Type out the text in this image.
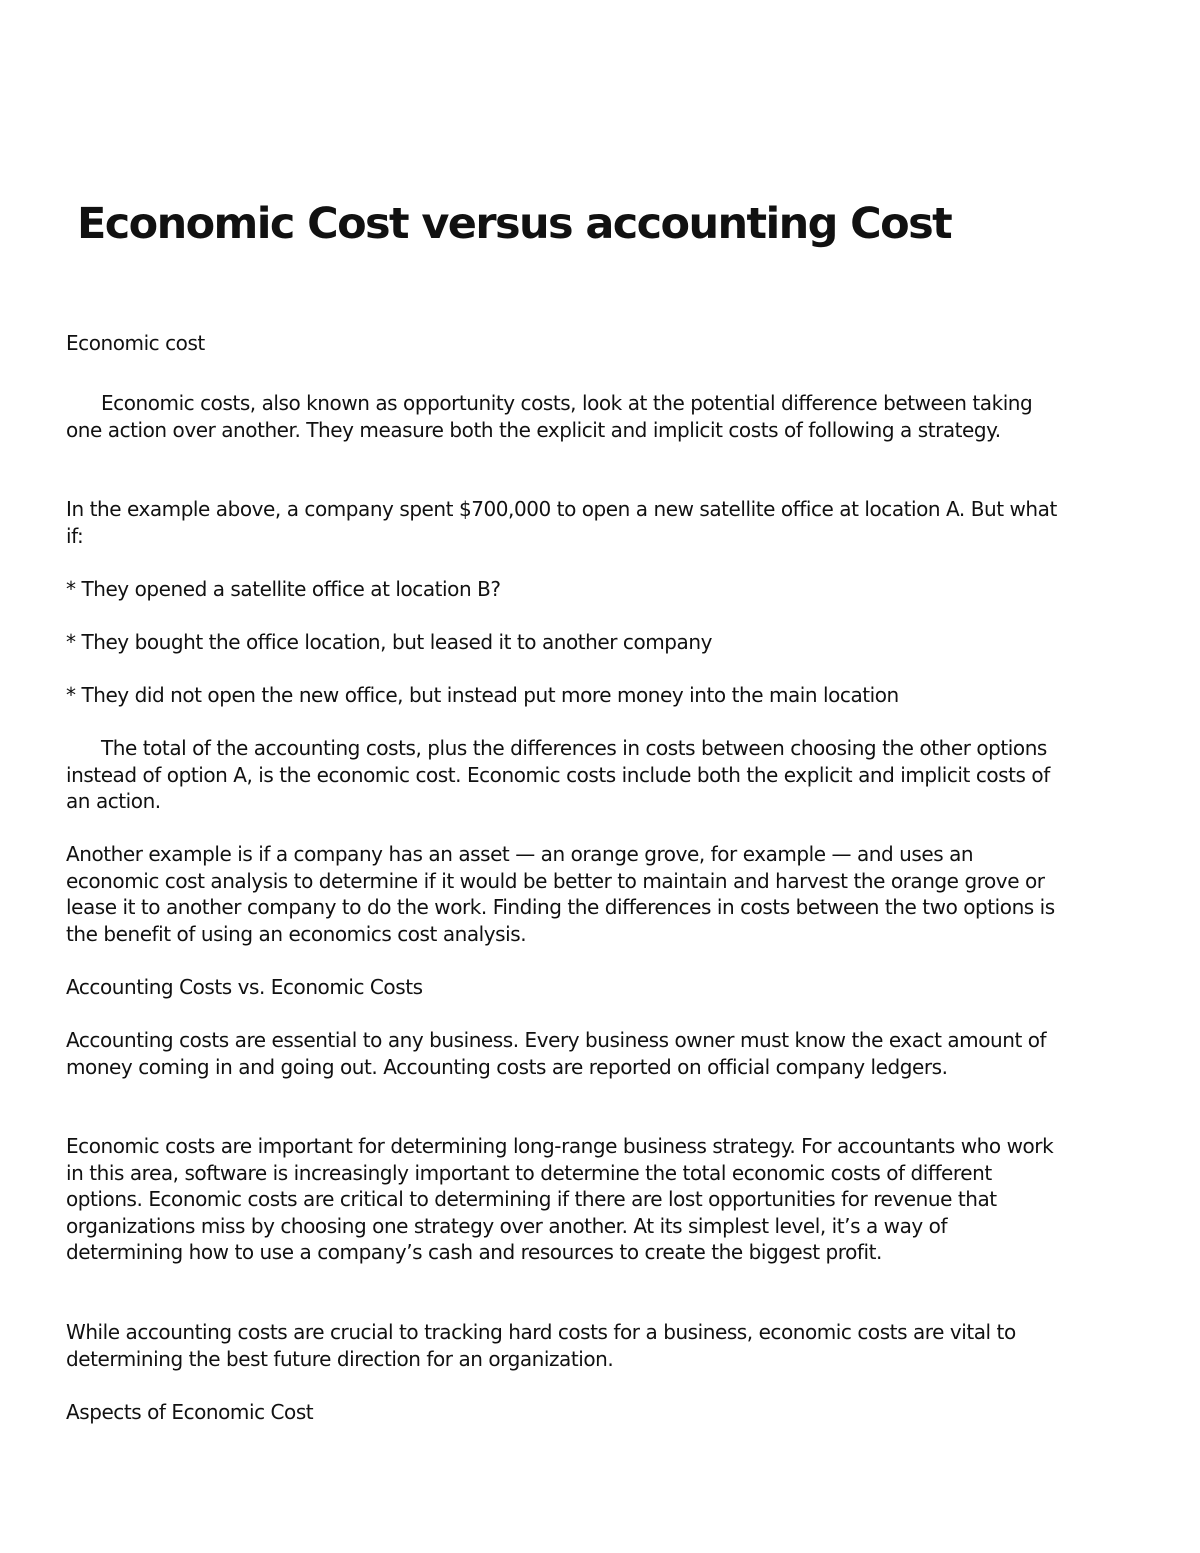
Economic Cost versus accounting Cost

Economic cost

Economic costs, also known as opportunity costs, look at the potential difference between taking one action over another. They measure both the explicit and implicit costs of following a strategy.

In the example above, a company spent $700,000 to open a new satellite office at location A. But what if:

* They opened a satellite office at location B?

* They bought the office location, but leased it to another company

* They did not open the new office, but instead put more money into the main location

The total of the accounting costs, plus the differences in costs between choosing the other options instead of option A, is the economic cost. Economic costs include both the explicit and implicit costs of an action.

Another example is if a company has an asset — an orange grove, for example — and uses an economic cost analysis to determine if it would be better to maintain and harvest the orange grove or lease it to another company to do the work. Finding the differences in costs between the two options is the benefit of using an economics cost analysis.

Accounting Costs vs. Economic Costs

Accounting costs are essential to any business. Every business owner must know the exact amount of money coming in and going out. Accounting costs are reported on official company ledgers.

Economic costs are important for determining long-range business strategy. For accountants who work in this area, software is increasingly important to determine the total economic costs of different options. Economic costs are critical to determining if there are lost opportunities for revenue that organizations miss by choosing one strategy over another. At its simplest level, it’s a way of determining how to use a company’s cash and resources to create the biggest profit.

While accounting costs are crucial to tracking hard costs for a business, economic costs are vital to determining the best future direction for an organization.

Aspects of Economic Cost
